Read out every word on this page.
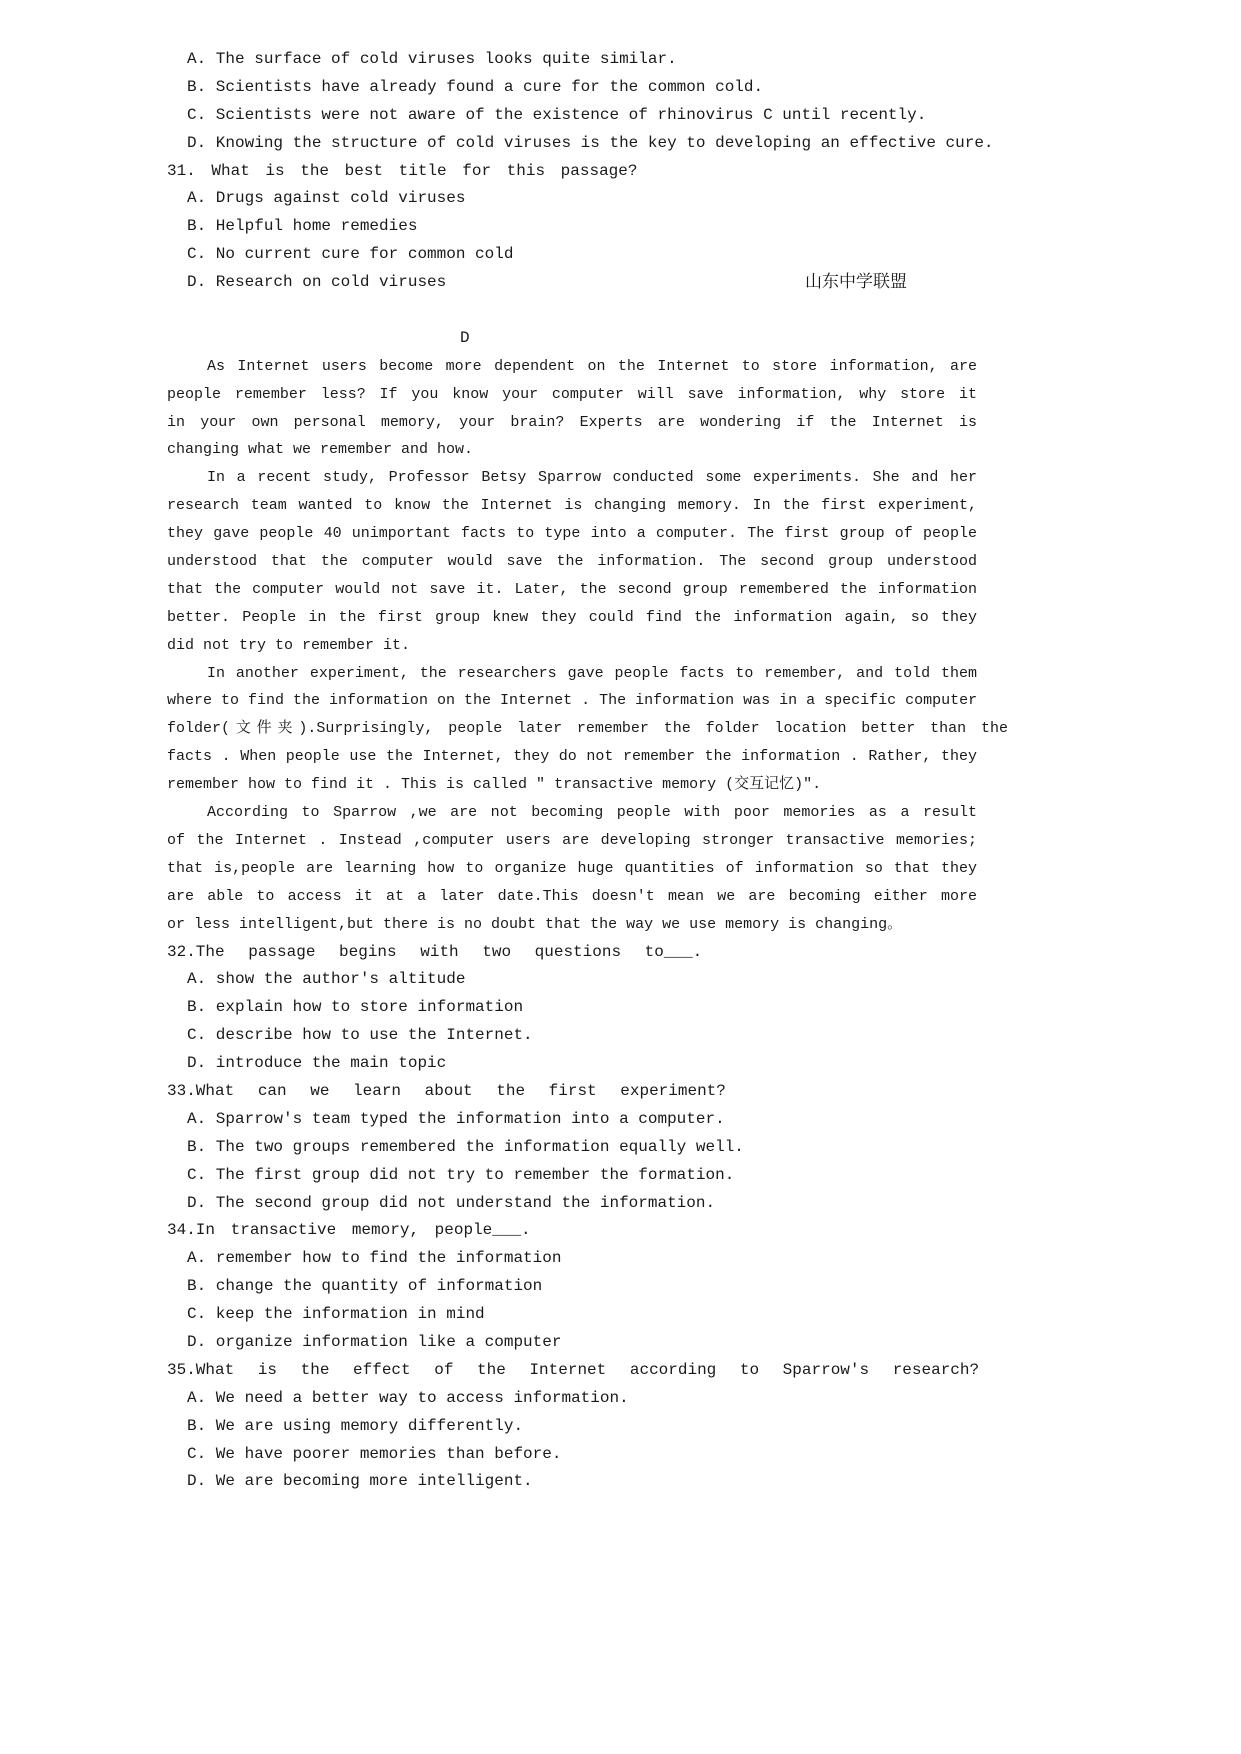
A. The surface of cold viruses looks quite similar.
B. Scientists have already found a cure for the common cold.
C. Scientists were not aware of the existence of rhinovirus C until recently.
D. Knowing the structure of cold viruses is the key to developing an effective cure.
31. What is the best title for this passage?
A. Drugs against cold viruses
B. Helpful home remedies
C. No current cure for common cold
D. Research on cold viruses	山东中学联盟
D
As Internet users become more dependent on the Internet to store information, are
people remember less? If you know your computer will save information, why store it
in your own personal memory, your brain? Experts are wondering if the Internet is
changing what we remember and how.
In a recent study, Professor Betsy Sparrow conducted some experiments. She and her
research team wanted to know the Internet is changing memory. In the first experiment,
they gave people 40 unimportant facts to type into a computer. The first group of people
understood that the computer would save the information. The second group understood
that the computer would not save it. Later, the second group remembered the information
better. People in the first group knew they could find the information again, so they
did not try to remember it.
In another experiment, the researchers gave people facts to remember, and told them
where to find the information on the Internet . The information was in a specific computer
folder(文件夹).Surprisingly, people later remember the folder location better than the
facts . When people use the Internet, they do not remember the information . Rather, they
remember how to find it . This is called ″ transactive memory (交互记忆)″.
According to Sparrow ,we are not becoming people with poor memories as a result
of the Internet . Instead ,computer users are developing stronger transactive memories;
that is,people are learning how to organize huge quantities of information so that they
are able to access it at a later date.This doesn't mean we are becoming either more
or less intelligent,but there is no doubt that the way we use memory is changing。
32.The passage begins with two questions to___.
A. show the author's altitude
B. explain how to store information
C. describe how to use the Internet.
D. introduce the main topic
33.What can we learn about the first experiment?
A. Sparrow's team typed the information into a computer.
B. The two groups remembered the information equally well.
C. The first group did not try to remember the formation.
D. The second group did not understand the information.
34.In transactive memory, people___.
A. remember how to find the information
B. change the quantity of information
C. keep the information in mind
D. organize information like a computer
35.What is the effect of the Internet according to Sparrow's research?
A. We need a better way to access information.
B. We are using memory differently.
C. We have poorer memories than before.
D. We are becoming more intelligent.
